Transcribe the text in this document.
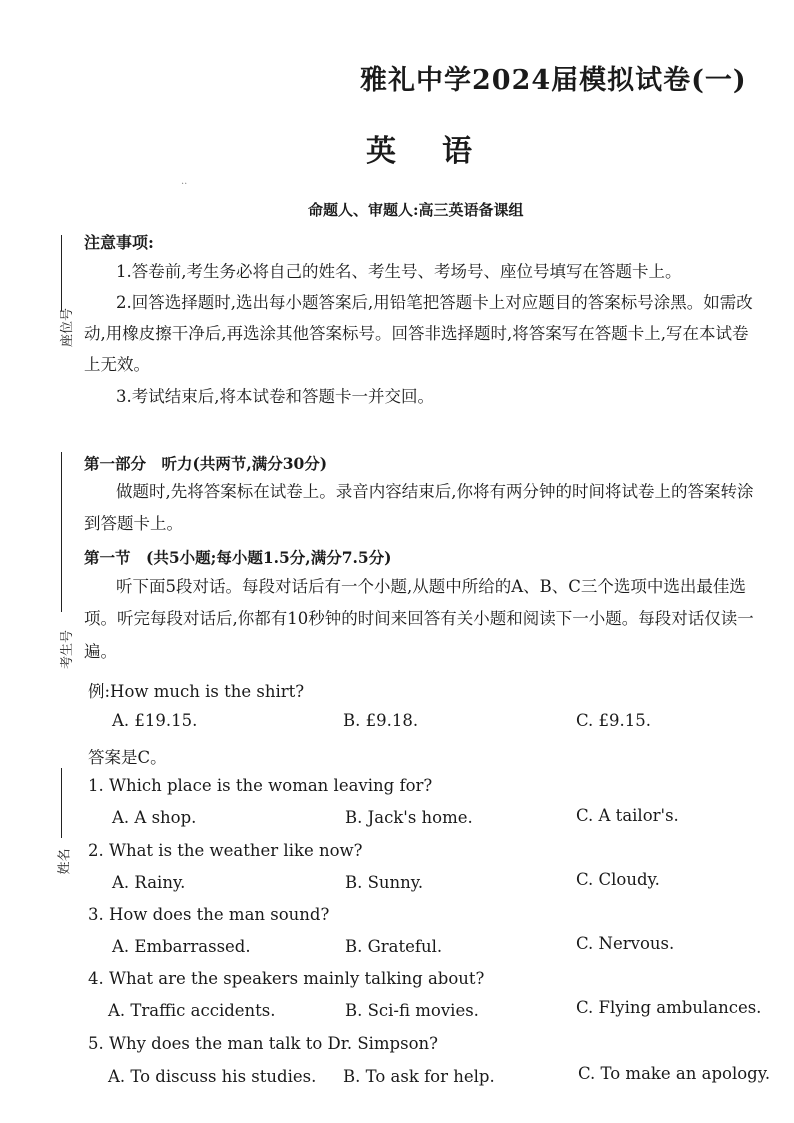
雅礼中学2024届模拟试卷(一)
英语
..
命题人、审题人:高三英语备课组
座位号
考生号
姓名
注意事项:
1.答卷前,考生务必将自己的姓名、考生号、考场号、座位号填写在答题卡上。
2.回答选择题时,选出每小题答案后,用铅笔把答题卡上对应题目的答案标号涂黑。如需改
动,用橡皮擦干净后,再选涂其他答案标号。回答非选择题时,将答案写在答题卡上,写在本试卷
上无效。
3.考试结束后,将本试卷和答题卡一并交回。
第一部分　听力(共两节,满分30分)
做题时,先将答案标在试卷上。录音内容结束后,你将有两分钟的时间将试卷上的答案转涂
到答题卡上。
第一节　(共5小题;每小题1.5分,满分7.5分)
听下面5段对话。每段对话后有一个小题,从题中所给的A、B、C三个选项中选出最佳选
项。听完每段对话后,你都有10秒钟的时间来回答有关小题和阅读下一小题。每段对话仅读一
遍。
例:How much is the shirt?
A. £19.15.	B. £9.18.	C. £9.15.
答案是C。
1. Which place is the woman leaving for?
A. A shop.	B. Jack's home.	C. A tailor's.
2. What is the weather like now?
A. Rainy.	B. Sunny.	C. Cloudy.
3. How does the man sound?
A. Embarrassed.	B. Grateful.	C. Nervous.
4. What are the speakers mainly talking about?
A. Traffic accidents.	B. Sci-fi movies.	C. Flying ambulances.
5. Why does the man talk to Dr. Simpson?
A. To discuss his studies. B. To ask for help.	C. To make an apology.
